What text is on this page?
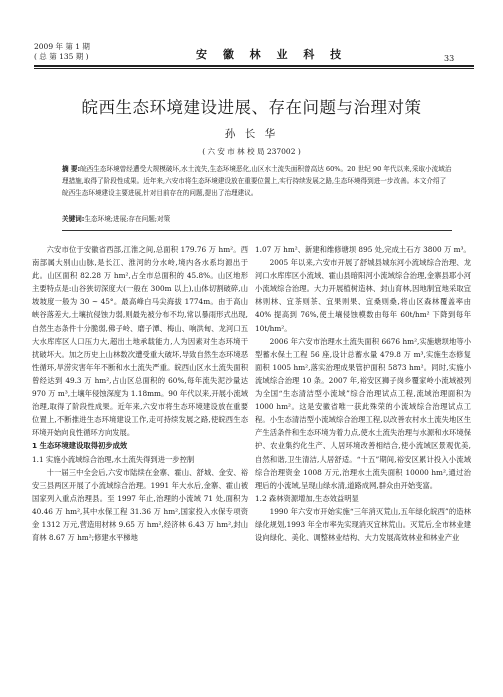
2009 年 第 1 期
( 总 第 135 期 )	安 徽 林 业 科 技	33
皖西生态环境建设进展、存在问题与治理对策
孙 长 华
( 六 安 市 林 校 局 237002 )
摘 要:皖西生态环境曾经遭受大规模破坏,水土流失,生态环境恶化,山区水土流失面积曾高达 60%。20 世纪 90 年代以来,采取小流域治理措施,取得了阶段性成果。近年来,六安市将生态环境建设放在重要位置上,实行持续发展之路,生态环境得到进一步改善。本文介绍了皖西生态环境建设主要进展,针对目前存在的问题,提出了治理建议。
关键词:生态环境;进展;存在问题;对策

六安市位于安徽省西部,江淮之间,总面积 179.76 万 hm²。西南部属大别山山脉,是长江、淮河的分水岭,境内各水系均源出于此。山区面积 82.28 万 hm²,占全市总面积的 45.8%。山区地形主要特点是:山谷狭切深度大(一般在 300m 以上),山体切割破碎,山坡坡度一般为 30 ~ 45°。最高峰白马尖海拔 1774m。由于高山峡谷落差大,土壤抗侵蚀力弱,则最先被分布不均,常以暴雨形式出现,自然生态条件十分脆弱,佛子岭、磨子潭、梅山、响洪甸、龙河口五大水库库区人口压力大,超出土地承载能力,人为因素对生态环境干扰破坏大。加之历史上山林数次遭受重大破坏,导致自然生态环境恶性循环,旱涝灾害年年不断和水土流失严重。皖西山区水土流失面积曾经达到 49.3 万 hm²,占山区总面积的 60%,每年流失泥沙量达 970 万 m³,土壤年侵蚀深度为 1.18mm。90 年代以来,开展小流域治理,取得了阶段性成果。近年来,六安市将生态环境建设放在重要位置上,不断推进生态环境建设工作,走可持续发展之路,使皖西生态环境开始向良性循环方向发展。

1 生态环境建设取得初步成效

1.1 实施小流域综合治理,水土流失得到进一步控制

十一届三中全会后,六安市陆续在金寨、霍山、舒城、金安、裕安三县两区开展了小流域综合治理。1991 年大水后,金寨、霍山被国家列入重点治理县。至 1997 年止,治理的小流域 71 处,面积为 40.46 万 hm²,其中水保工程 31.36 万 hm²,国家投入水保专项资金 1312 万元,营造用材林 9.65 万 hm²,经济林 6.43 万 hm²,封山育林 8.67 万 hm²;修建水平梯地

1.07 万 hm²、新建和维修塘坝 895 处,完成土石方 3800 万 m³。

2005 年以来,六安市开展了舒城县城东河小流域综合治理、龙河口水库库区小流域、霍山县暗阳河小流域综合治理,金寨县耶小河小流域综合治理。大力开展植树造林、封山育林,因地制宜地采取宜林则林、宜茶则茶、宜果则果、宜桑则桑,将山区森林覆盖率由 40% 提高到 76%,使土壤侵蚀模数由每年 60t/hm² 下降到每年 10t/hm²。

2006 年六安市治理水土流失面积 6676 hm²,实施塘坝地等小型蓄水保土工程 56 座,设计总蓄水量 479.8 万 m³,实施生态修复面积 1005 hm²,落实治理成果管护面积 5873 hm²。同时,实施小流域综合治理 10 条。2007 年,裕安区狮子岗乡覆家岭小流域被列为全国“生态清洁型小流域”综合治理试点工程,流域治理面积为 1000 hm²。这是安徽省唯一获此殊荣的小流域综合治理试点工程。小生态清洁型小流域综合治理工程,以改善农村水土流失地区生产生活条件和生态环境为着力点,使水土流失治理与水源和水环境保护、农业集约化生产、人居环境改善相结合,使小流域区景观优美,自然和谐,卫生清洁,人居舒适。“十五”期间,裕安区累计投入小流域综合治理资金 1008 万元,治理水土流失面积 10000 hm²,通过治理后的小流域,呈现山绿水清,道路成网,群众由开始变富。

1.2 森林资源增加,生态效益明显

1990 年六安市开始实施“三年消灭荒山,五年绿化皖西”的造林绿化规划,1993 年全市率先实现消灭宜林荒山。灭荒后,全市林业建设向绿化、美化、调整林业结构、大力发展高效林业和林业产业
